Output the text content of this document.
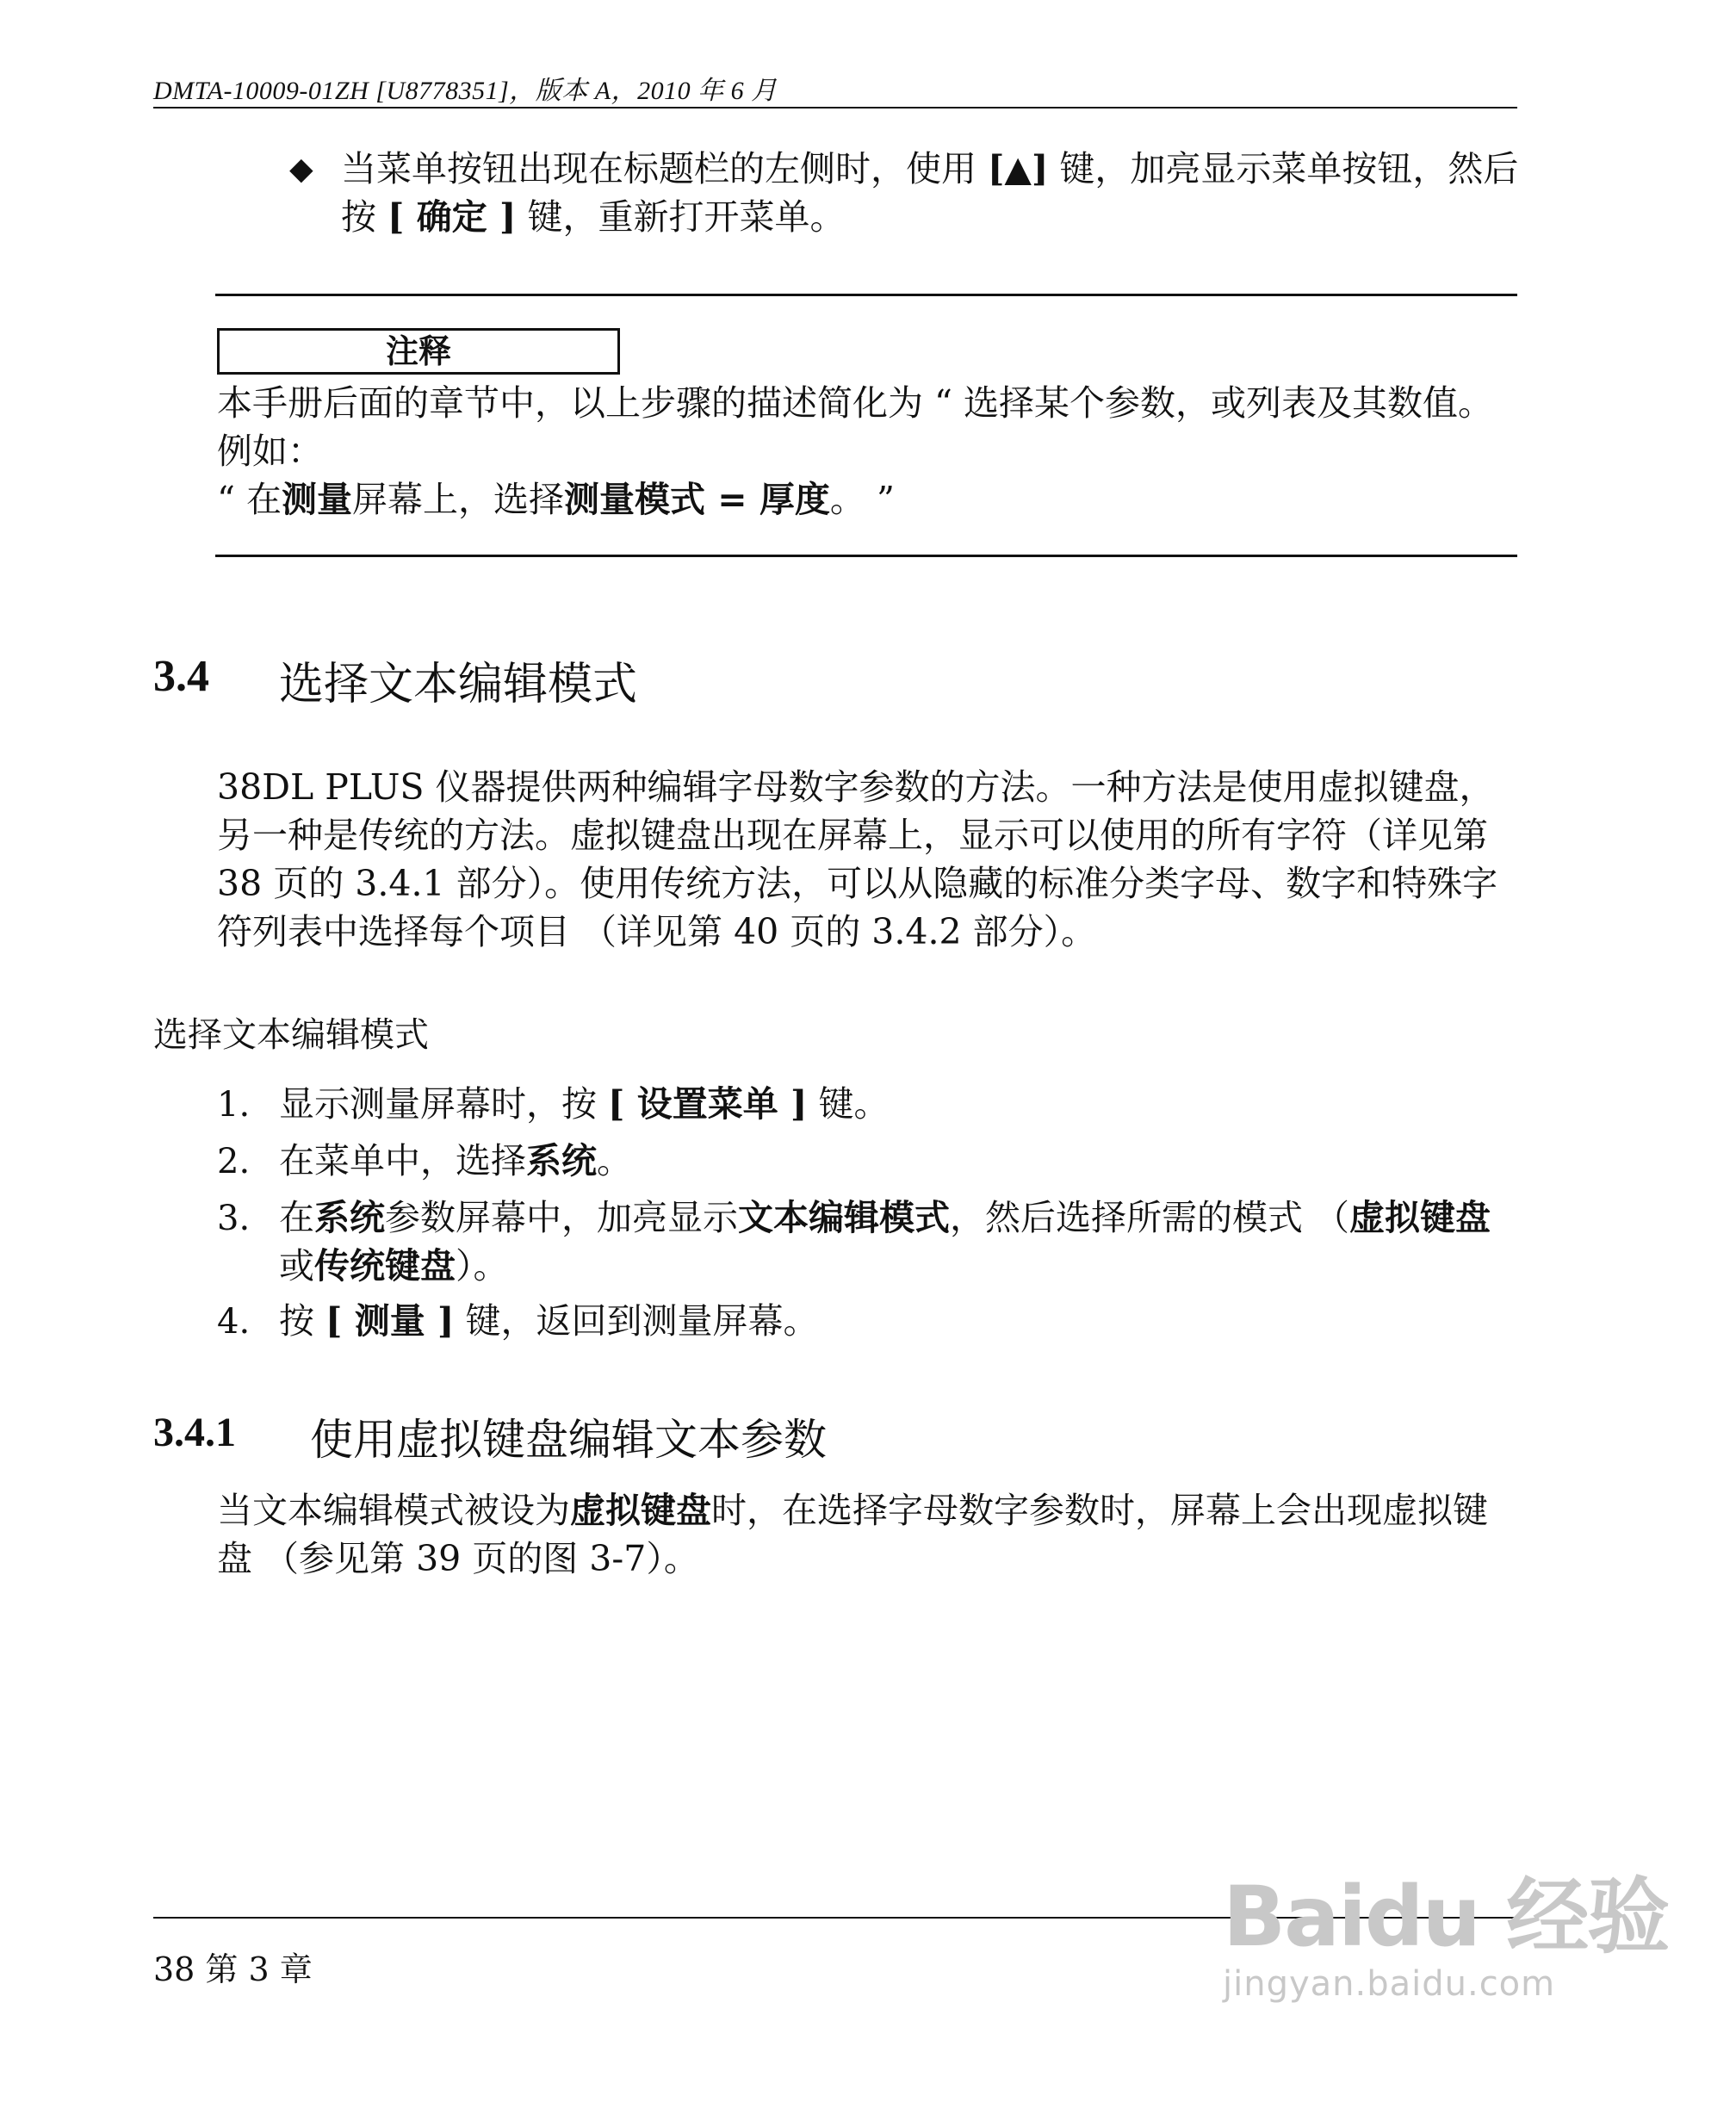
DMTA-10009-01ZH [U8778351]，版本 A，2010 年 6 月
◆ 当菜单按钮出现在标题栏的左侧时，使用 [▲] 键，加亮显示菜单按钮，然后按 [ 确定 ] 键，重新打开菜单。
注释
本手册后面的章节中，以上步骤的描述简化为 “ 选择某个参数，或列表及其数值。例如：
“ 在测量屏幕上，选择测量模式 = 厚度。 ”
3.4 选择文本编辑模式
38DL PLUS 仪器提供两种编辑字母数字参数的方法。一种方法是使用虚拟键盘，另一种是传统的方法。虚拟键盘出现在屏幕上，显示可以使用的所有字符（详见第 38 页的 3.4.1 部分）。使用传统方法，可以从隐藏的标准分类字母、数字和特殊字符列表中选择每个项目 （详见第 40 页的 3.4.2 部分）。
选择文本编辑模式
1. 显示测量屏幕时，按 [ 设置菜单 ] 键。
2. 在菜单中，选择系统。
3. 在系统参数屏幕中，加亮显示文本编辑模式，然后选择所需的模式 （虚拟键盘或传统键盘）。
4. 按 [ 测量 ] 键，返回到测量屏幕。
3.4.1 使用虚拟键盘编辑文本参数
当文本编辑模式被设为虚拟键盘时，在选择字母数字参数时，屏幕上会出现虚拟键盘 （参见第 39 页的图 3-7）。
38 第 3 章
Baidu 经验
jingyan.baidu.com
